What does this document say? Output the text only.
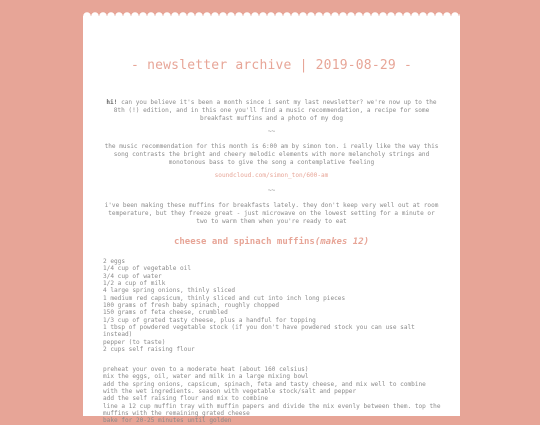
- newsletter archive | 2019-08-29 -
hi! can you believe it's been a month since i sent my last newsletter? we're now up to the 8th (!) edition, and in this one you'll find a music recommendation, a recipe for some breakfast muffins and a photo of my dog
~~
the music recommendation for this month is 6:00 am by simon ton. i really like the way this song contrasts the bright and cheery melodic elements with more melancholy strings and monotonous bass to give the song a contemplative feeling
soundcloud.com/simon_ton/600-am
~~
i've been making these muffins for breakfasts lately. they don't keep very well out at room temperature, but they freeze great - just microwave on the lowest setting for a minute or two to warm them when you're ready to eat
cheese and spinach muffins(makes 12)
2 eggs
1/4 cup of vegetable oil
3/4 cup of water
1/2 a cup of milk
4 large spring onions, thinly sliced
1 medium red capsicum, thinly sliced and cut into inch long pieces
100 grams of fresh baby spinach, roughly chopped
150 grams of feta cheese, crumbled
1/3 cup of grated tasty cheese, plus a handful for topping
1 tbsp of powdered vegetable stock (if you don't have powdered stock you can use salt instead)
pepper (to taste)
2 cups self raising flour
preheat your oven to a moderate heat (about 160 celsius)
mix the eggs, oil, water and milk in a large mixing bowl
add the spring onions, capsicum, spinach, feta and tasty cheese, and mix well to combine with the wet ingredients. season with vegetable stock/salt and pepper
add the self raising flour and mix to combine
line a 12 cup muffin tray with muffin papers and divide the mix evenly between them. top the muffins with the remaining grated cheese
bake for 20-25 minutes until golden
